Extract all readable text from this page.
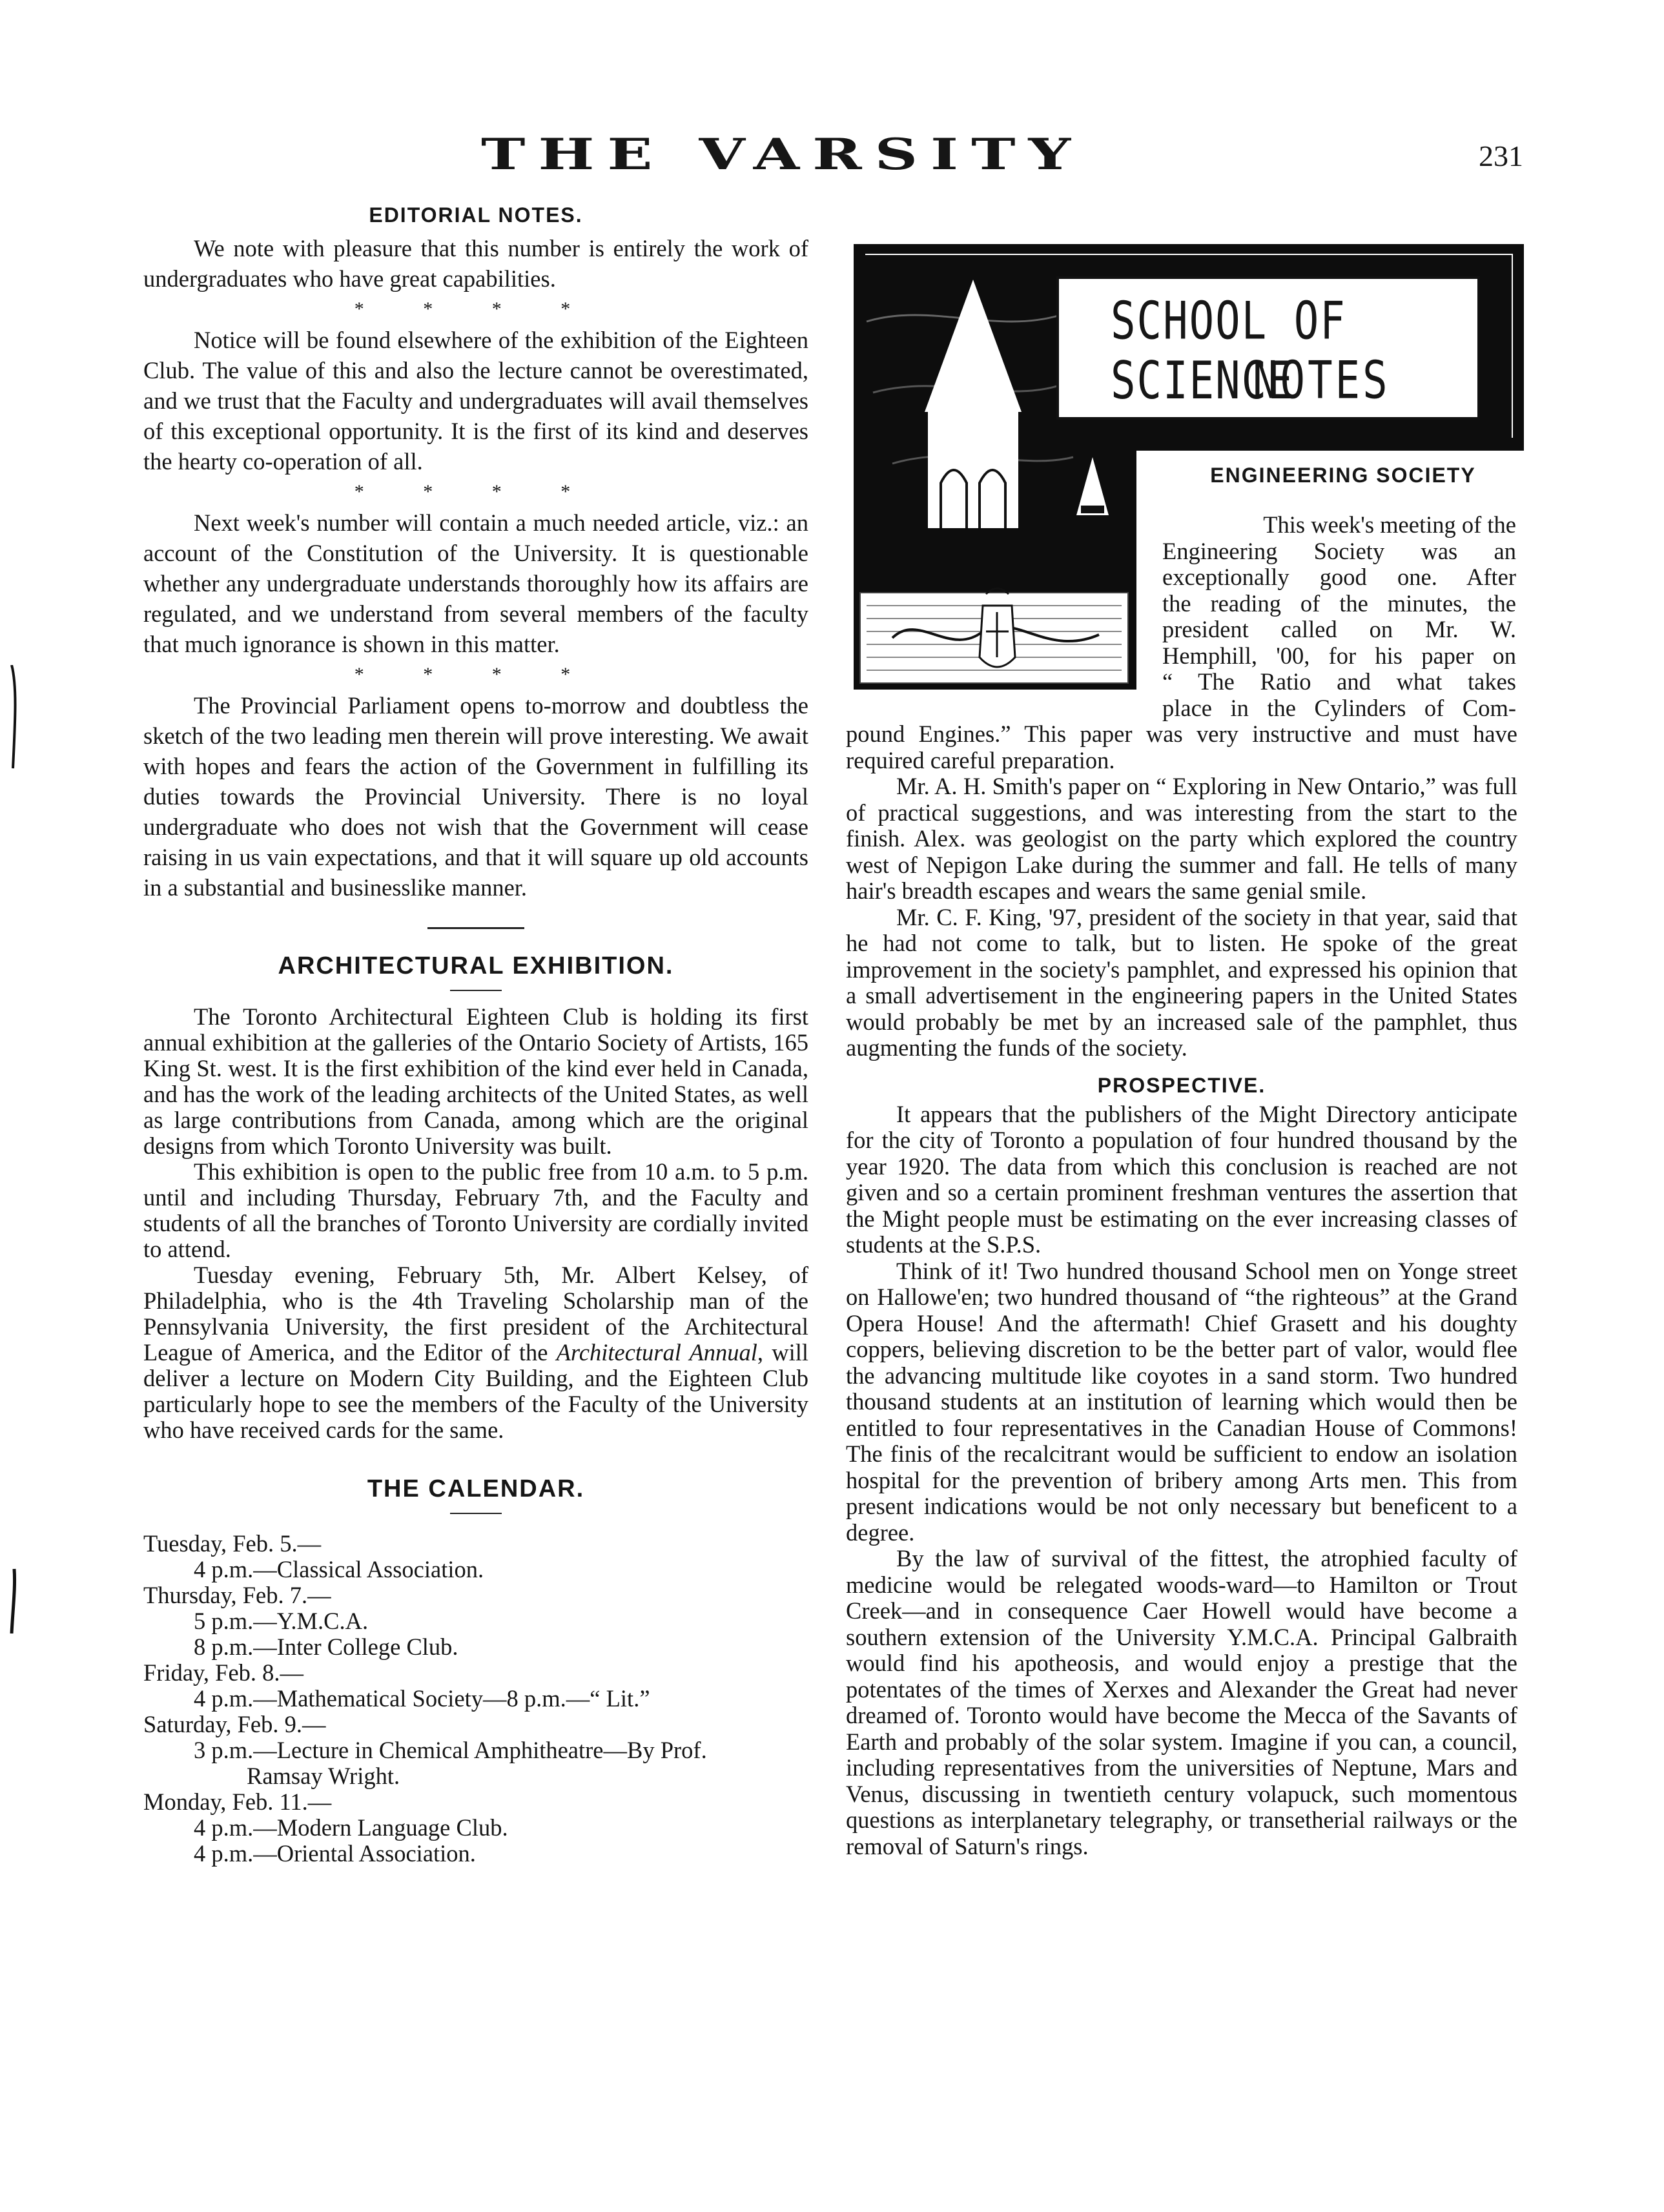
THE VARSITY	231
EDITORIAL NOTES.

We note with pleasure that this number is entirely the work of undergraduates who have great capabilities.

* * * *

Notice will be found elsewhere of the exhibition of the Eighteen Club. The value of this and also the lecture cannot be overestimated, and we trust that the Faculty and undergraduates will avail themselves of this exceptional opportunity. It is the first of its kind and deserves the hearty co-operation of all.

* * * *

Next week's number will contain a much needed article, viz.: an account of the Constitution of the University. It is questionable whether any undergraduate understands thoroughly how its affairs are regulated, and we understand from several members of the faculty that much ignorance is shown in this matter.

* * * *

The Provincial Parliament opens to-morrow and doubtless the sketch of the two leading men therein will prove interesting. We await with hopes and fears the action of the Government in fulfilling its duties towards the Provincial University. There is no loyal undergraduate who does not wish that the Government will cease raising in us vain expectations, and that it will square up old accounts in a substantial and businesslike manner.

ARCHITECTURAL EXHIBITION.

The Toronto Architectural Eighteen Club is holding its first annual exhibition at the galleries of the Ontario Society of Artists, 165 King St. west. It is the first exhibition of the kind ever held in Canada, and has the work of the leading architects of the United States, as well as large contributions from Canada, among which are the original designs from which Toronto University was built.

This exhibition is open to the public free from 10 a.m. to 5 p.m. until and including Thursday, February 7th, and the Faculty and students of all the branches of Toronto University are cordially invited to attend.

Tuesday evening, February 5th, Mr. Albert Kelsey, of Philadelphia, who is the 4th Traveling Scholarship man of the Pennsylvania University, the first president of the Architectural League of America, and the Editor of the Architectural Annual, will deliver a lecture on Modern City Building, and the Eighteen Club particularly hope to see the members of the Faculty of the University who have received cards for the same.

THE CALENDAR.
Tuesday, Feb. 5.—
4 p.m.—Classical Association.
Thursday, Feb. 7.—
5 p.m.—Y.M.C.A.
8 p.m.—Inter College Club.
Friday, Feb. 8.—
4 p.m.—Mathematical Society—8 p.m.—“ Lit.”
Saturday, Feb. 9.—
3 p.m.—Lecture in Chemical Amphitheatre—By Prof.
Ramsay Wright.
Monday, Feb. 11.—
4 p.m.—Modern Language Club.
4 p.m.—Oriental Association.
SCHOOL OF SCIENCE
NOTES
ENGINEERING SOCIETY
This week's meeting of the
Engineering Society was an
exceptionally good one. After
the reading of the minutes, the
president called on Mr. W.
Hemphill, '00, for his paper on
“ The Ratio and what takes
place in the Cylinders of Com-

pound Engines.” This paper was very instructive and must have required careful preparation.

Mr. A. H. Smith's paper on “ Exploring in New Ontario,” was full of practical suggestions, and was interesting from the start to the finish. Alex. was geologist on the party which explored the country west of Nepigon Lake during the summer and fall. He tells of many hair's breadth escapes and wears the same genial smile.

Mr. C. F. King, '97, president of the society in that year, said that he had not come to talk, but to listen. He spoke of the great improvement in the society's pamphlet, and expressed his opinion that a small advertisement in the engineering papers in the United States would probably be met by an increased sale of the pamphlet, thus augmenting the funds of the society.

PROSPECTIVE.

It appears that the publishers of the Might Directory anticipate for the city of Toronto a population of four hundred thousand by the year 1920. The data from which this conclusion is reached are not given and so a certain prominent freshman ventures the assertion that the Might people must be estimating on the ever increasing classes of students at the S.P.S.

Think of it! Two hundred thousand School men on Yonge street on Hallowe'en; two hundred thousand of “the righteous” at the Grand Opera House! And the aftermath! Chief Grasett and his doughty coppers, believing discretion to be the better part of valor, would flee the advancing multitude like coyotes in a sand storm. Two hundred thousand students at an institution of learning which would then be entitled to four representatives in the Canadian House of Commons! The finis of the recalcitrant would be sufficient to endow an isolation hospital for the prevention of bribery among Arts men. This from present indications would be not only necessary but beneficent to a degree.

By the law of survival of the fittest, the atrophied faculty of medicine would be relegated woods-ward—to Hamilton or Trout Creek—and in consequence Caer Howell would have become a southern extension of the University Y.M.C.A. Principal Galbraith would find his apotheosis, and would enjoy a prestige that the potentates of the times of Xerxes and Alexander the Great had never dreamed of. Toronto would have become the Mecca of the Savants of Earth and probably of the solar system. Imagine if you can, a council, including representatives from the universities of Neptune, Mars and Venus, discussing in twentieth century volapuck, such momentous questions as interplanetary telegraphy, or transetherial railways or the removal of Saturn's rings.
